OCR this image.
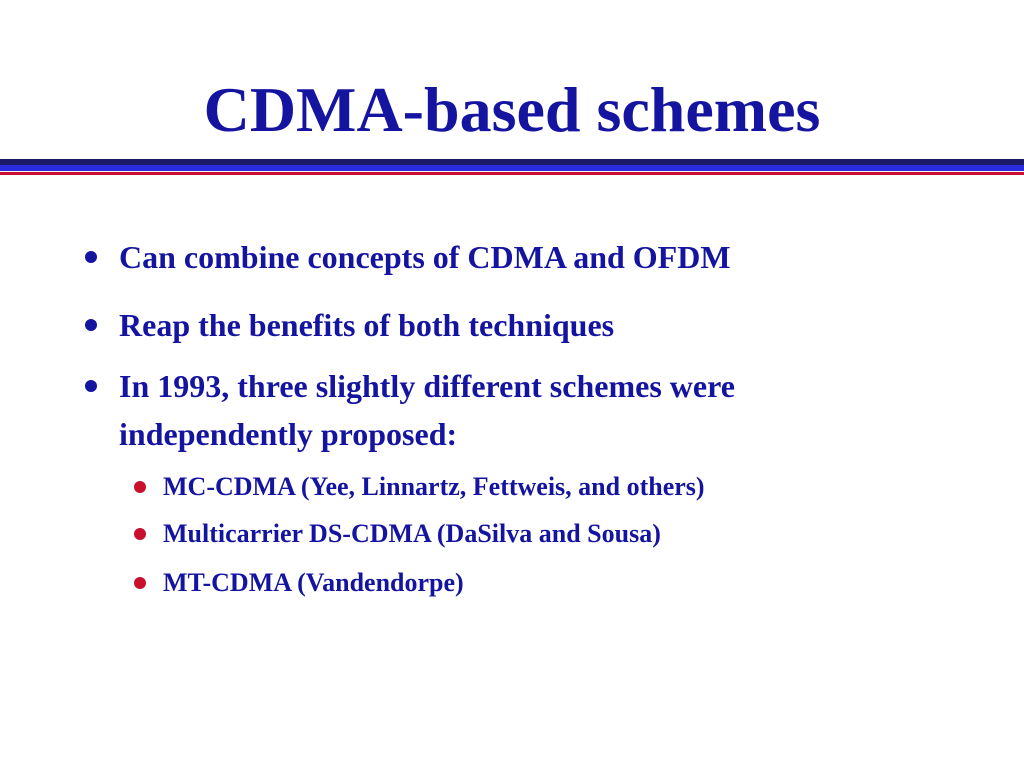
CDMA-based schemes
Can combine concepts of CDMA and OFDM
Reap the benefits of both techniques
In 1993, three slightly different schemes were independently proposed:
MC-CDMA (Yee, Linnartz, Fettweis, and others)
Multicarrier DS-CDMA (DaSilva and Sousa)
MT-CDMA (Vandendorpe)
